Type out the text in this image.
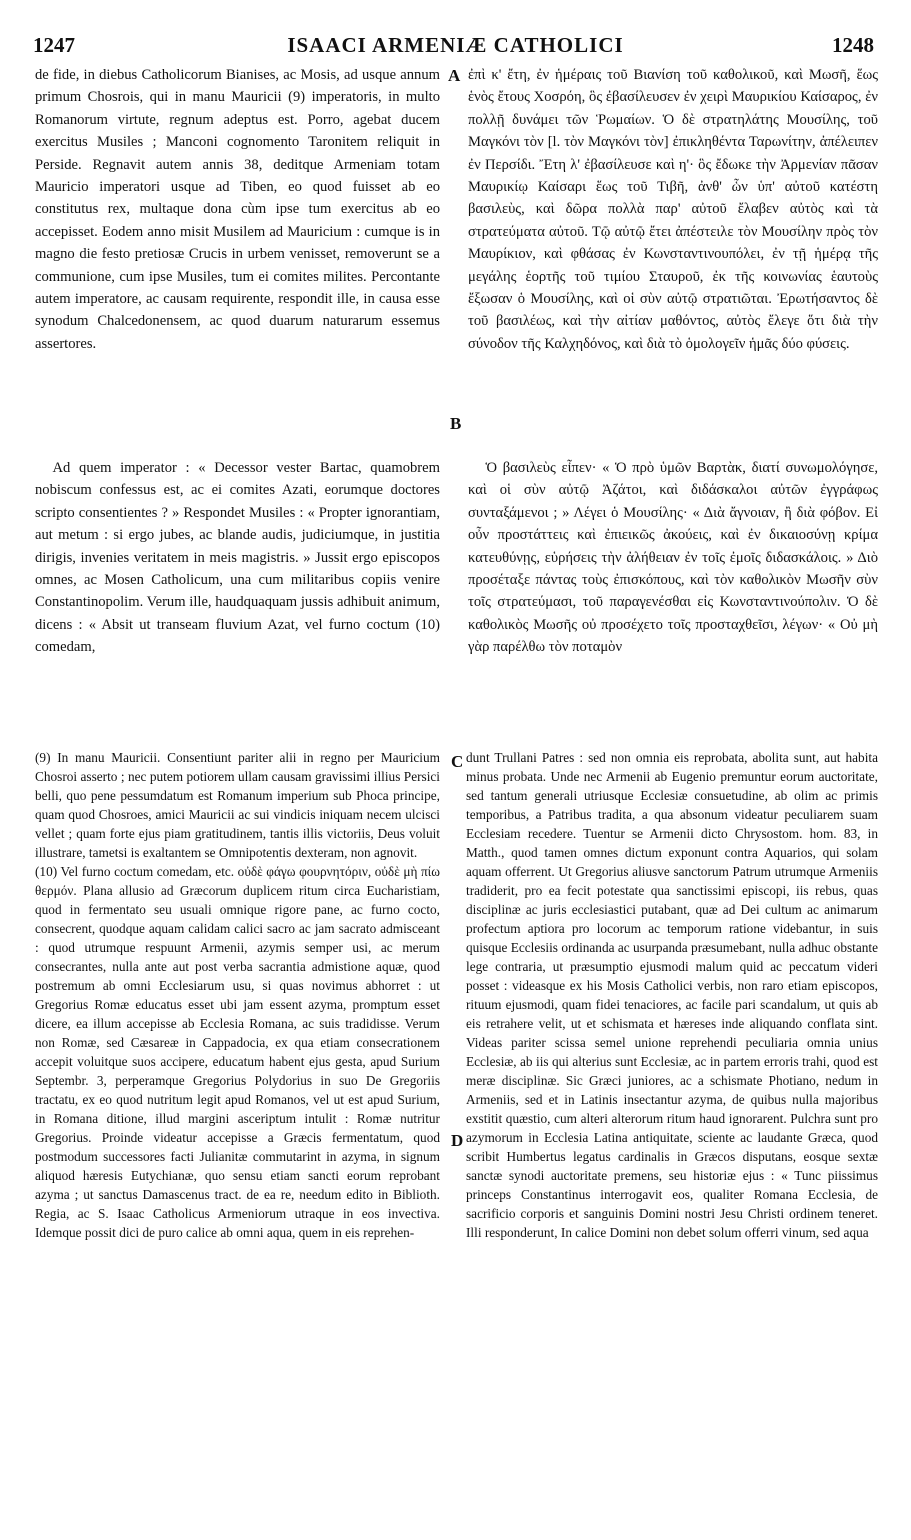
1247	ISAACI ARMENIÆ CATHOLICI	1248
A
B
C
D

de fide, in diebus Catholicorum Bianises, ac Mosis, ad usque annum primum Chosrois, qui in manu Mauricii (9) imperatoris, in multo Romanorum virtute, regnum adeptus est. Porro, agebat ducem exercitus Musiles ; Manconi cognomento Taronitem reliquit in Perside. Regnavit autem annis 38, deditque Armeniam totam Mauricio imperatori usque ad Tiben, eo quod fuisset ab eo constitutus rex, multaque dona cùm ipse tum exercitus ab eo accepisset. Eodem anno misit Musilem ad Mauricium : cumque is in magno die festo pretiosæ Crucis in urbem venisset, removerunt se a communione, cum ipse Musiles, tum ei comites milites. Percontante autem imperatore, ac causam requirente, respondit ille, in causa esse synodum Chalcedonensem, ac quod duarum naturarum essemus assertores.

ἐπὶ κ' ἔτη, ἐν ἡμέραις τοῦ Βιανίση τοῦ καθολικοῦ, καὶ Μωσῆ, ἕως ἑνὸς ἔτους Χοσρόη, ὃς ἐβασίλευσεν ἐν χειρὶ Μαυρικίου Καίσαρος, ἐν πολλῇ δυνάμει τῶν Ῥωμαίων. Ὁ δὲ στρατηλάτης Μουσίλης, τοῦ Μαγκόνι τὸν [l. τὸν Μαγκόνι τὸν] ἐπικληθέντα Ταρωνίτην, ἀπέλειπεν ἐν Περσίδι. Ἔτη λ' ἐβασίλευσε καὶ η'· ὃς ἔδωκε τὴν Ἀρμενίαν πᾶσαν Μαυρικίῳ Καίσαρι ἕως τοῦ Τιβῆ, ἀνθ' ὧν ὑπ' αὐτοῦ κατέστη βασιλεὺς, καὶ δῶρα πολλὰ παρ' αὐτοῦ ἔλαβεν αὐτὸς καὶ τὰ στρατεύματα αὐτοῦ. Τῷ αὐτῷ ἔτει ἀπέστειλε τὸν Μουσίλην πρὸς τὸν Μαυρίκιον, καὶ φθάσας ἐν Κωνσταντινουπόλει, ἐν τῇ ἡμέρᾳ τῆς μεγάλης ἑορτῆς τοῦ τιμίου Σταυροῦ, ἐκ τῆς κοινωνίας ἑαυτοὺς ἔξωσαν ὁ Μουσίλης, καὶ οἱ σὺν αὐτῷ στρατιῶται. Ἐρωτήσαντος δὲ τοῦ βασιλέως, καὶ τὴν αἰτίαν μαθόντος, αὐτὸς ἔλεγε ὅτι διὰ τὴν σύνοδον τῆς Καλχηδόνος, καὶ διὰ τὸ ὁμολογεῖν ἡμᾶς δύο φύσεις.

Ad quem imperator : « Decessor vester Bartac, quamobrem nobiscum confessus est, ac ei comites Azati, eorumque doctores scripto consentientes ? » Respondet Musiles : « Propter ignorantiam, aut metum : si ergo jubes, ac blande audis, judiciumque, in justitia dirigis, invenies veritatem in meis magistris. » Jussit ergo episcopos omnes, ac Mosen Catholicum, una cum militaribus copiis venire Constantinopolim. Verum ille, haudquaquam jussis adhibuit animum, dicens : « Absit ut transeam fluvium Azat, vel furno coctum (10) comedam,

Ὁ βασιλεὺς εἶπεν· « Ὁ πρὸ ὑμῶν Βαρτὰκ, διατί συνωμολόγησε, καὶ οἱ σὺν αὐτῷ Ἀζάτοι, καὶ διδάσκαλοι αὐτῶν ἐγγράφως συνταξάμενοι ; » Λέγει ὁ Μουσίλης· « Διὰ ἄγνοιαν, ἢ διὰ φόβον. Εἰ οὖν προστάττεις καὶ ἐπιεικῶς ἀκούεις, καὶ ἐν δικαιοσύνῃ κρίμα κατευθύνῃς, εὑρήσεις τὴν ἀλήθειαν ἐν τοῖς ἐμοῖς διδασκάλοις. » Διὸ προσέταξε πάντας τοὺς ἐπισκόπους, καὶ τὸν καθολικὸν Μωσῆν σὺν τοῖς στρατεύμασι, τοῦ παραγενέσθαι εἰς Κωνσταντινούπολιν. Ὁ δὲ καθολικὸς Μωσῆς οὐ προσέχετο τοῖς προσταχθεῖσι, λέγων· « Οὐ μὴ γὰρ παρέλθω τὸν ποταμὸν

(9) In manu Mauricii. Consentiunt pariter alii in regno per Mauricium Chosroi asserto ; nec putem potiorem ullam causam gravissimi illius Persici belli, quo pene pessumdatum est Romanum imperium sub Phoca principe, quam quod Chosroes, amici Mauricii ac sui vindicis iniquam necem ulcisci vellet ; quam forte ejus piam gratitudinem, tantis illis victoriis, Deus voluit illustrare, tametsi is exaltantem se Omnipotentis dexteram, non agnovit.

(10) Vel furno coctum comedam, etc. οὐδὲ φάγω φουρνητόριν, οὐδὲ μὴ πίω θερμόν. Plana allusio ad Græcorum duplicem ritum circa Eucharistiam, quod in fermentato seu usuali omnique rigore pane, ac furno cocto, consecrent, quodque aquam calidam calici sacro ac jam sacrato admisceant : quod utrumque respuunt Armenii, azymis semper usi, ac merum consecrantes, nulla ante aut post verba sacrantia admistione aquæ, quod postremum ab omni Ecclesiarum usu, si quas novimus abhorret : ut Gregorius Romæ educatus esset ubi jam essent azyma, promptum esset dicere, ea illum accepisse ab Ecclesia Romana, ac suis tradidisse. Verum non Romæ, sed Cæsareæ in Cappadocia, ex qua etiam consecrationem accepit voluitque suos accipere, educatum habent ejus gesta, apud Surium Septembr. 3, perperamque Gregorius Polydorius in suo De Gregoriis tractatu, ex eo quod nutritum legit apud Romanos, vel ut est apud Surium, in Romana ditione, illud margini asceriptum intulit : Romæ nutritur Gregorius. Proinde videatur accepisse a Græcis fermentatum, quod postmodum successores facti Julianitæ commutarint in azyma, in signum aliquod hæresis Eutychianæ, quo sensu etiam sancti eorum reprobant azyma ; ut sanctus Damascenus tract. de ea re, needum edito in Biblioth. Regia, ac S. Isaac Catholicus Armeniorum utraque in eos invectiva. Idemque possit dici de puro calice ab omni aqua, quem in eis reprehen-

dunt Trullani Patres : sed non omnia eis reprobata, abolita sunt, aut habita minus probata. Unde nec Armenii ab Eugenio premuntur eorum auctoritate, sed tantum generali utriusque Ecclesiæ consuetudine, ab olim ac primis temporibus, a Patribus tradita, a qua absonum videatur peculiarem suam Ecclesiam recedere. Tuentur se Armenii dicto Chrysostom. hom. 83, in Matth., quod tamen omnes dictum exponunt contra Aquarios, qui solam aquam offerrent. Ut Gregorius aliusve sanctorum Patrum utrumque Armeniis tradiderit, pro ea fecit potestate qua sanctissimi episcopi, iis rebus, quas disciplinæ ac juris ecclesiastici putabant, quæ ad Dei cultum ac animarum profectum aptiora pro locorum ac temporum ratione videbantur, in suis quisque Ecclesiis ordinanda ac usurpanda præsumebant, nulla adhuc obstante lege contraria, ut præsumptio ejusmodi malum quid ac peccatum videri posset : videasque ex his Mosis Catholici verbis, non raro etiam episcopos, rituum ejusmodi, quam fidei tenaciores, ac facile pari scandalum, ut quis ab eis retrahere velit, ut et schismata et hæreses inde aliquando conflata sint. Videas pariter scissa semel unione reprehendi peculiaria omnia unius Ecclesiæ, ab iis qui alterius sunt Ecclesiæ, ac in partem erroris trahi, quod est meræ disciplinæ. Sic Græci juniores, ac a schismate Photiano, nedum in Armeniis, sed et in Latinis insectantur azyma, de quibus nulla majoribus exstitit quæstio, cum alteri alterorum ritum haud ignorarent. Pulchra sunt pro azymorum in Ecclesia Latina antiquitate, sciente ac laudante Græca, quod scribit Humbertus legatus cardinalis in Græcos disputans, eosque sextæ sanctæ synodi auctoritate premens, seu historiæ ejus : « Tunc piissimus princeps Constantinus interrogavit eos, qualiter Romana Ecclesia, de sacrificio corporis et sanguinis Domini nostri Jesu Christi ordinem teneret. Illi responderunt, In calice Domini non debet solum offerri vinum, sed aqua
